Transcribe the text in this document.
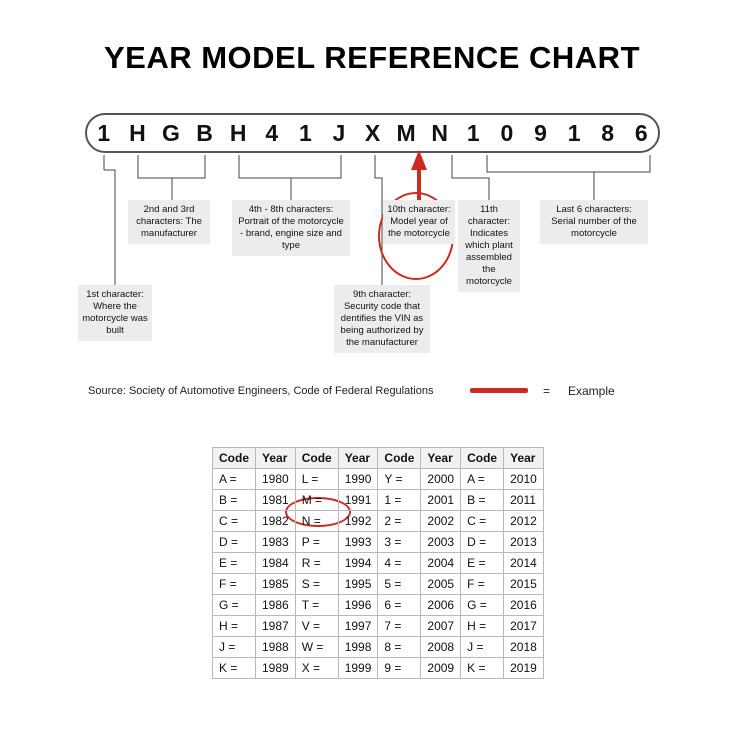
YEAR MODEL REFERENCE CHART
1 H G B H 4 1 J X M N 1 0 9 1 8 6
1st character: Where the motorcycle was built
2nd and 3rd characters: The manufacturer
4th - 8th characters: Portrait of the motorcycle - brand, engine size and type
9th character: Security code that dentifies the VIN as being authorized by the manufacturer
10th character: Model year of the motorcycle
11th character: Indicates which plant assembled the motorcycle
Last 6 characters: Serial number of the motorcycle
Source: Society of Automotive Engineers, Code of Federal Regulations	= Example
Code	Year	Code	Year	Code	Year	Code	Year
A =	1980	L =	1990	Y =	2000	A =	2010
B =	1981	M =	1991	1 =	2001	B =	2011
C =	1982	N =	1992	2 =	2002	C =	2012
D =	1983	P =	1993	3 =	2003	D =	2013
E =	1984	R =	1994	4 =	2004	E =	2014
F =	1985	S =	1995	5 =	2005	F =	2015
G =	1986	T =	1996	6 =	2006	G =	2016
H =	1987	V =	1997	7 =	2007	H =	2017
J =	1988	W =	1998	8 =	2008	J =	2018
K =	1989	X =	1999	9 =	2009	K =	2019
